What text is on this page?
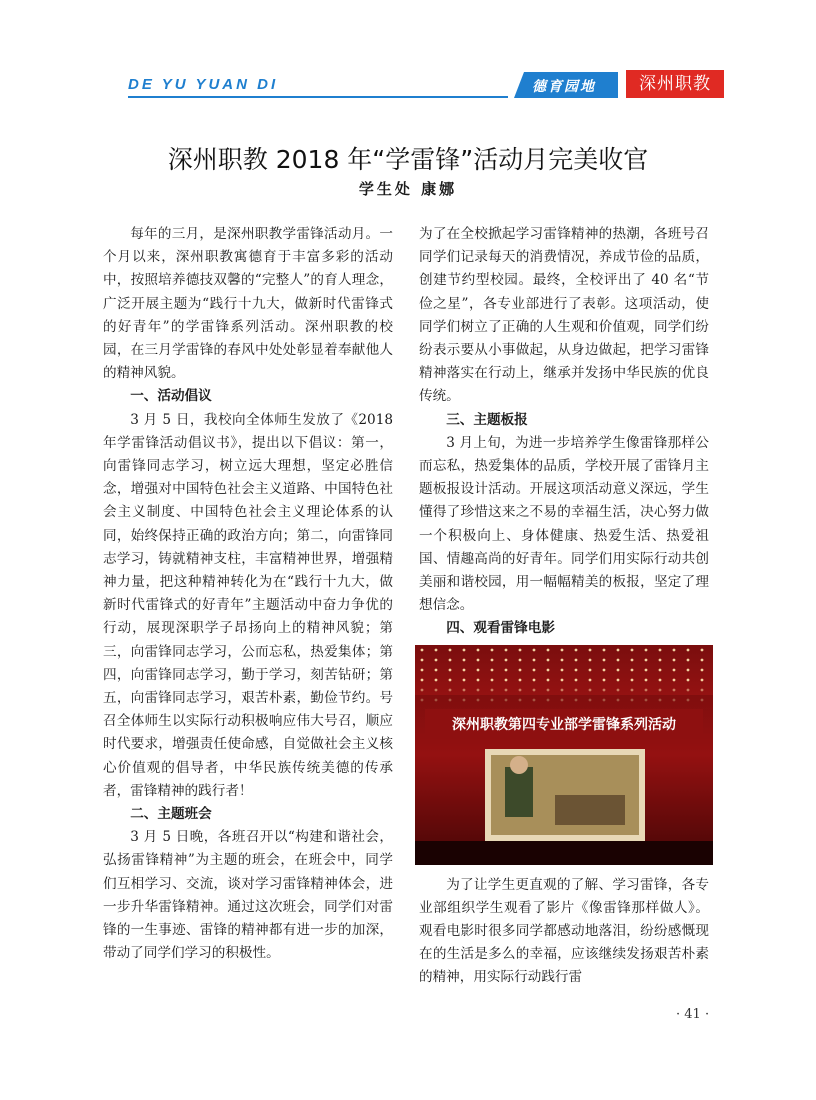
DE YU YUAN DI	德育园地	深州职教
深州职教 2018 年“学雷锋”活动月完美收官
学生处 康娜

每年的三月，是深州职教学雷锋活动月。一个月以来，深州职教寓德育于丰富多彩的活动中，按照培养德技双馨的“完整人”的育人理念，广泛开展主题为“践行十九大，做新时代雷锋式的好青年”的学雷锋系列活动。深州职教的校园，在三月学雷锋的春风中处处彰显着奉献他人的精神风貌。

一、活动倡议

3 月 5 日，我校向全体师生发放了《2018年学雷锋活动倡议书》，提出以下倡议：第一，向雷锋同志学习，树立远大理想，坚定必胜信念，增强对中国特色社会主义道路、中国特色社会主义制度、中国特色社会主义理论体系的认同，始终保持正确的政治方向；第二，向雷锋同志学习，铸就精神支柱，丰富精神世界，增强精神力量，把这种精神转化为在“践行十九大，做新时代雷锋式的好青年”主题活动中奋力争优的行动，展现深职学子昂扬向上的精神风貌；第三，向雷锋同志学习，公而忘私，热爱集体；第四，向雷锋同志学习，勤于学习，刻苦钻研；第五，向雷锋同志学习，艰苦朴素，勤俭节约。号召全体师生以实际行动积极响应伟大号召，顺应时代要求，增强责任使命感，自觉做社会主义核心价值观的倡导者，中华民族传统美德的传承者，雷锋精神的践行者！

二、主题班会

3 月 5 日晚，各班召开以“构建和谐社会，弘扬雷锋精神”为主题的班会，在班会中，同学们互相学习、交流，谈对学习雷锋精神体会，进一步升华雷锋精神。通过这次班会，同学们对雷锋的一生事迹、雷锋的精神都有进一步的加深，带动了同学们学习的积极性。

为了在全校掀起学习雷锋精神的热潮，各班号召同学们记录每天的消费情况，养成节俭的品质，创建节约型校园。最终，全校评出了 40 名“节俭之星”，各专业部进行了表彰。这项活动，使同学们树立了正确的人生观和价值观，同学们纷纷表示要从小事做起，从身边做起，把学习雷锋精神落实在行动上，继承并发扬中华民族的优良传统。

三、主题板报

3 月上旬，为进一步培养学生像雷锋那样公而忘私，热爱集体的品质，学校开展了雷锋月主题板报设计活动。开展这项活动意义深远，学生懂得了珍惜这来之不易的幸福生活，决心努力做一个积极向上、身体健康、热爱生活、热爱祖国、情趣高尚的好青年。同学们用实际行动共创美丽和谐校园，用一幅幅精美的板报，坚定了理想信念。

四、观看雷锋电影
深州职教第四专业部学雷锋系列活动

为了让学生更直观的了解、学习雷锋，各专业部组织学生观看了影片《像雷锋那样做人》。观看电影时很多同学都感动地落泪，纷纷感慨现在的生活是多么的幸福，应该继续发扬艰苦朴素的精神，用实际行动践行雷

· 41 ·
